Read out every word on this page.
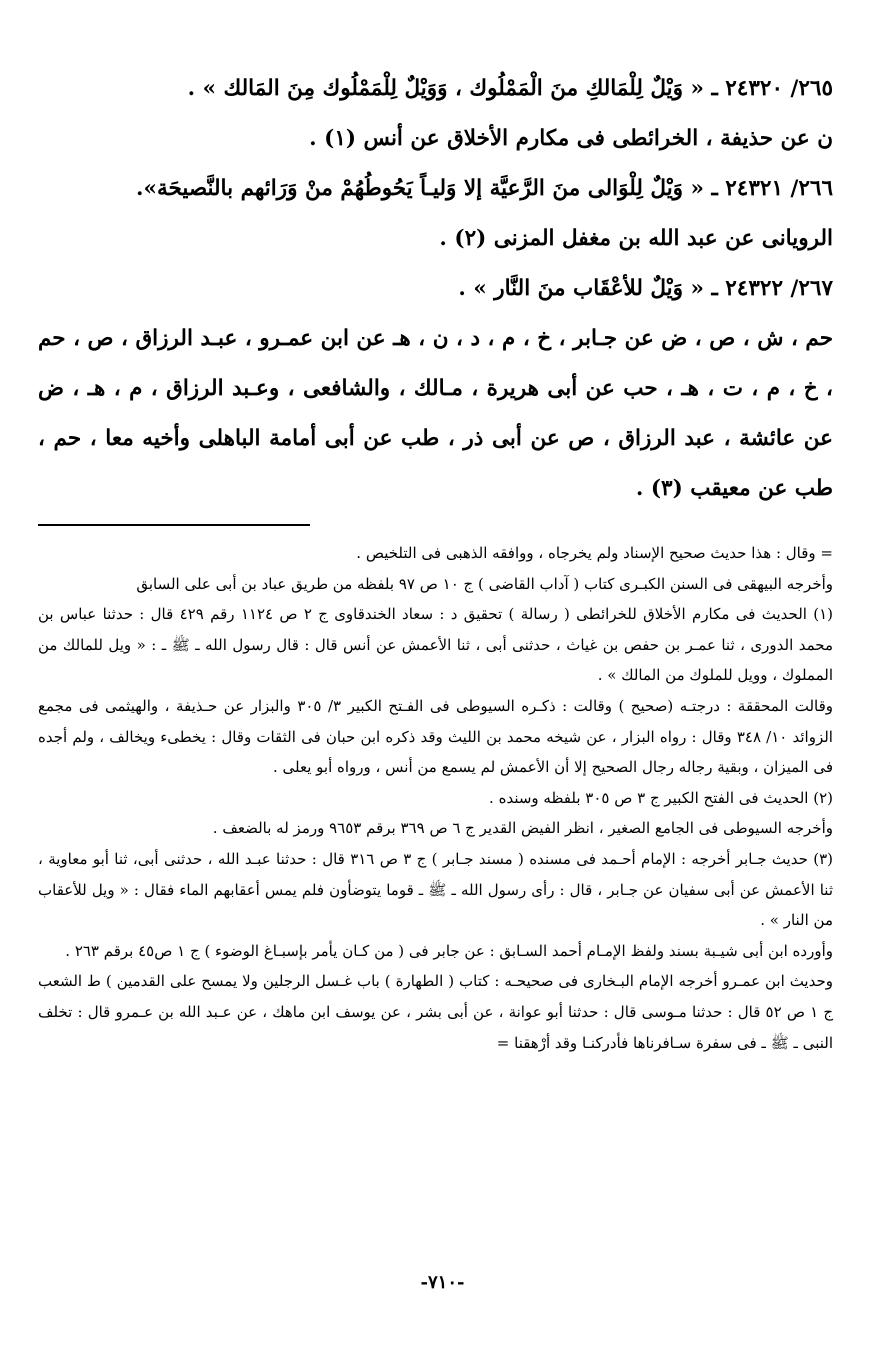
٢٦٥/ ٢٤٣٢٠ ـ « وَيْلٌ لِلْمَالكِ منَ الْمَمْلُوك ، وَوَيْلٌ لِلْمَمْلُوك مِنَ المَالك » .

ن عن حذيفة ، الخرائطى فى مكارم الأخلاق عن أنس (١) .

٢٦٦/ ٢٤٣٢١ ـ « وَيْلٌ لِلْوَالى منَ الرَّعيَّة إلا وَليـاً يَحُوطُهُمْ منْ وَرَائهم بالنَّصيحَة».

الرويانى عن عبد الله بن مغفل المزنى (٢) .

٢٦٧/ ٢٤٣٢٢ ـ « وَيْلٌ للأعْقَاب منَ النَّار » .

حم ، ش ، ص ، ض عن جـابر ، خ ، م ، د ، ن ، هـ عن ابن عمـرو ، عبـد الرزاق ، ص ، حم ، خ ، م ، ت ، هـ ، حب عن أبى هريرة ، مـالك ، والشافعى ، وعـبد الرزاق ، م ، هـ ، ض عن عائشة ، عبد الرزاق ، ص عن أبى ذر ، طب عن أبى أمامة الباهلى وأخيه معا ، حم ، طب عن معيقب (٣) .

= وقال : هذا حديث صحيح الإسناد ولم يخرجاه ، ووافقه الذهبى فى التلخيص .

وأخرجه البيهقى فى السنن الكبـرى كتاب ( آداب القاضى ) ج ١٠ ص ٩٧ بلفظه من طريق عباد بن أبى على السابق

(١) الحديث فى مكارم الأخلاق للخرائطى ( رسالة ) تحقيق د : سعاد الخندقاوى ج ٢ ص ١١٢٤ رقم ٤٢٩ قال : حدثنا عباس بن محمد الدورى ، ثنا عمـر بن حفص بن غياث ، حدثنى أبى ، ثنا الأعمش عن أنس قال : قال رسول الله ـ ﷺ ـ : « ويل للمالك من المملوك ، وويل للملوك من المالك » .

وقالت المحققة : درجتـه (صحيح ) وقالت : ذكـره السيوطى فى الفـتح الكبير ٣/ ٣٠٥ والبزار عن حـذيفة ، والهيثمى فى مجمع الزوائد ١٠/ ٣٤٨ وقال : رواه البزار ، عن شيخه محمد بن الليث وقد ذكره ابن حبان فى الثقات وقال : يخطىء ويخالف ، ولم أجده فى الميزان ، وبقية رجاله رجال الصحيح إلا أن الأعمش لم يسمع من أنس ، ورواه أبو يعلى .

(٢) الحديث فى الفتح الكبير ج ٣ ص ٣٠٥ بلفظه وسنده .

وأخرجه السيوطى فى الجامع الصغير ، انظر الفيض القدير ج ٦ ص ٣٦٩ برقم ٩٦٥٣ ورمز له بالضعف .

(٣) حديث جـابر أخرجه : الإمام أحـمد فى مسنده ( مسند جـابر ) ج ٣ ص ٣١٦ قال : حدثنا عبـد الله ، حدثنى أبى، ثنا أبو معاوية ، ثنا الأعمش عن أبى سفيان عن جـابر ، قال : رأى رسول الله ـ ﷺ ـ قوما يتوضأون فلم يمس أعقابهم الماء فقال : « ويل للأعقاب من النار » .

وأورده ابن أبى شيـبة بسند ولفظ الإمـام أحمد السـابق : عن جابر فى ( من كـان يأمر بإسبـاغ الوضوء ) ج ١ ص٤٥ برقم ٢٦٣ .

وحديث ابن عمـرو أخرجه الإمام البـخارى فى صحيحـه : كتاب ( الطهارة ) باب غـسل الرجلين ولا يمسح على القدمين ) ط الشعب ج ١ ص ٥٢ قال : حدثنا مـوسى قال : حدثنا أبو عوانة ، عن أبى بشر ، عن يوسف ابن ماهك ، عن عـبد الله بن عـمرو قال : تخلف النبى ـ ﷺ ـ فى سفرة سـافرناها فأدركنـا وقد أرْهقنا =

-٧١٠-
